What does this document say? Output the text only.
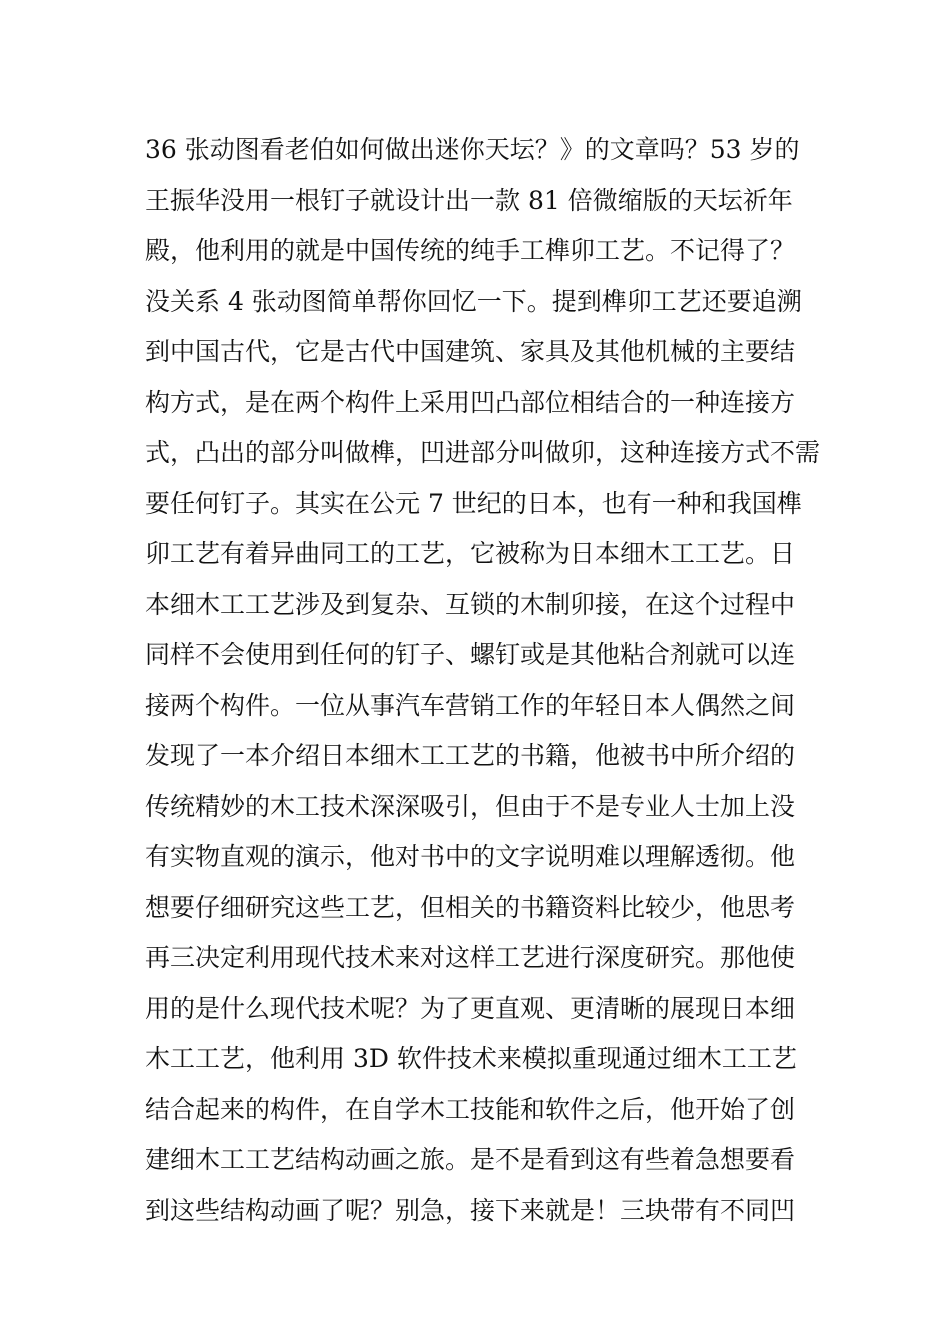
36 张动图看老伯如何做出迷你天坛？》的文章吗？53 岁的
王振华没用一根钉子就设计出一款 81 倍微缩版的天坛祈年
殿，他利用的就是中国传统的纯手工榫卯工艺。不记得了？
没关系 4 张动图简单帮你回忆一下。提到榫卯工艺还要追溯
到中国古代，它是古代中国建筑、家具及其他机械的主要结
构方式，是在两个构件上采用凹凸部位相结合的一种连接方
式，凸出的部分叫做榫，凹进部分叫做卯，这种连接方式不需
要任何钉子。其实在公元 7 世纪的日本，也有一种和我国榫
卯工艺有着异曲同工的工艺，它被称为日本细木工工艺。日
本细木工工艺涉及到复杂、互锁的木制卯接，在这个过程中
同样不会使用到任何的钉子、螺钉或是其他粘合剂就可以连
接两个构件。一位从事汽车营销工作的年轻日本人偶然之间
发现了一本介绍日本细木工工艺的书籍，他被书中所介绍的
传统精妙的木工技术深深吸引，但由于不是专业人士加上没
有实物直观的演示，他对书中的文字说明难以理解透彻。他
想要仔细研究这些工艺，但相关的书籍资料比较少，他思考
再三决定利用现代技术来对这样工艺进行深度研究。那他使
用的是什么现代技术呢？为了更直观、更清晰的展现日本细
木工工艺，他利用 3D 软件技术来模拟重现通过细木工工艺
结合起来的构件，在自学木工技能和软件之后，他开始了创
建细木工工艺结构动画之旅。是不是看到这有些着急想要看
到这些结构动画了呢？别急，接下来就是！三块带有不同凹
